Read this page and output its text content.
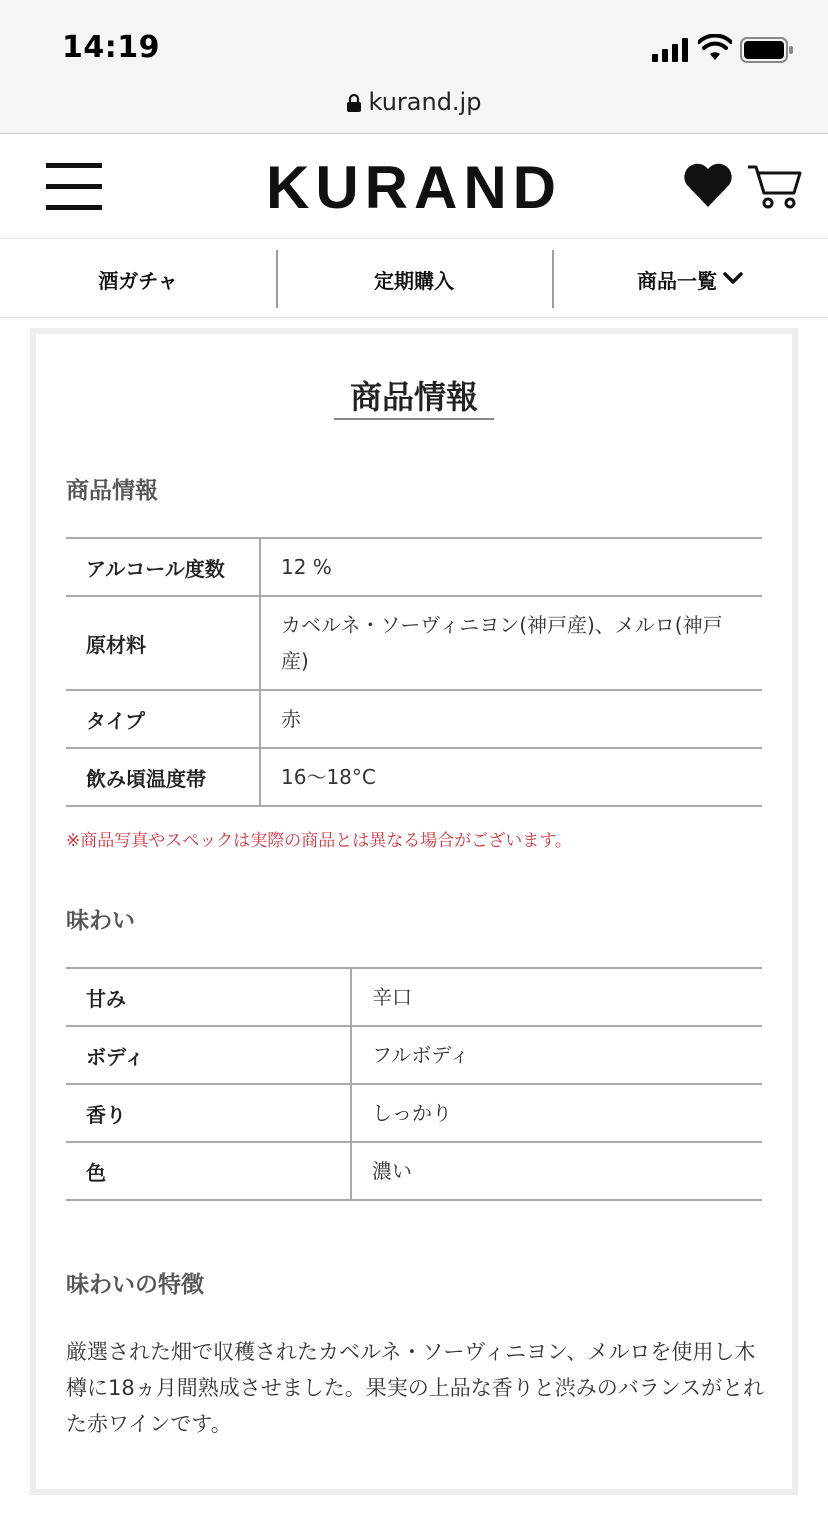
14:19
kurand.jp
KURAND
酒ガチャ	定期購入	商品一覧
商品情報
商品情報
アルコール度数	12 %
原材料	カベルネ・ソーヴィニヨン(神戸産)、メルロ(神戸産)
タイプ	赤
飲み頃温度帯	16〜18°C
※商品写真やスペックは実際の商品とは異なる場合がございます。
味わい
甘み	辛口
ボディ	フルボディ
香り	しっかり
色	濃い
味わいの特徴
厳選された畑で収穫されたカベルネ・ソーヴィニヨン、メルロを使用し木樽に18ヵ月間熟成させました。果実の上品な香りと渋みのバランスがとれた赤ワインです。
